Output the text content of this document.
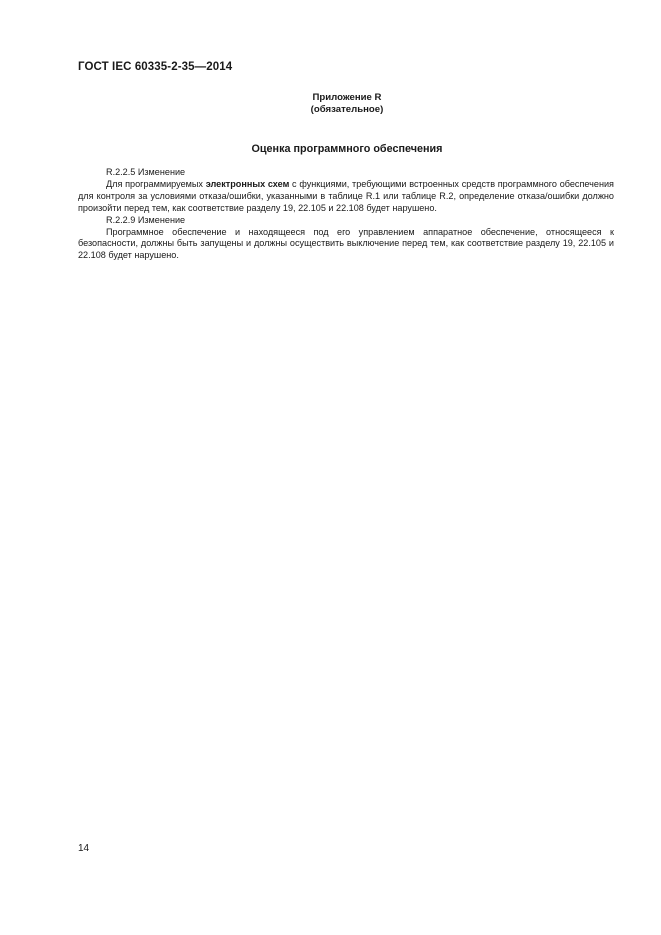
ГОСТ IEC 60335-2-35—2014
Приложение R
(обязательное)
Оценка программного обеспечения

R.2.2.5 Изменение

Для программируемых электронных схем с функциями, требующими встроенных средств программного обеспечения для контроля за условиями отказа/ошибки, указанными в таблице R.1 или таблице R.2, определение отказа/ошибки должно произойти перед тем, как соответствие разделу 19, 22.105 и 22.108 будет нарушено.

R.2.2.9 Изменение

Программное обеспечение и находящееся под его управлением аппаратное обеспечение, относящееся к безопасности, должны быть запущены и должны осуществить выключение перед тем, как соответствие разделу 19, 22.105 и 22.108 будет нарушено.

14
